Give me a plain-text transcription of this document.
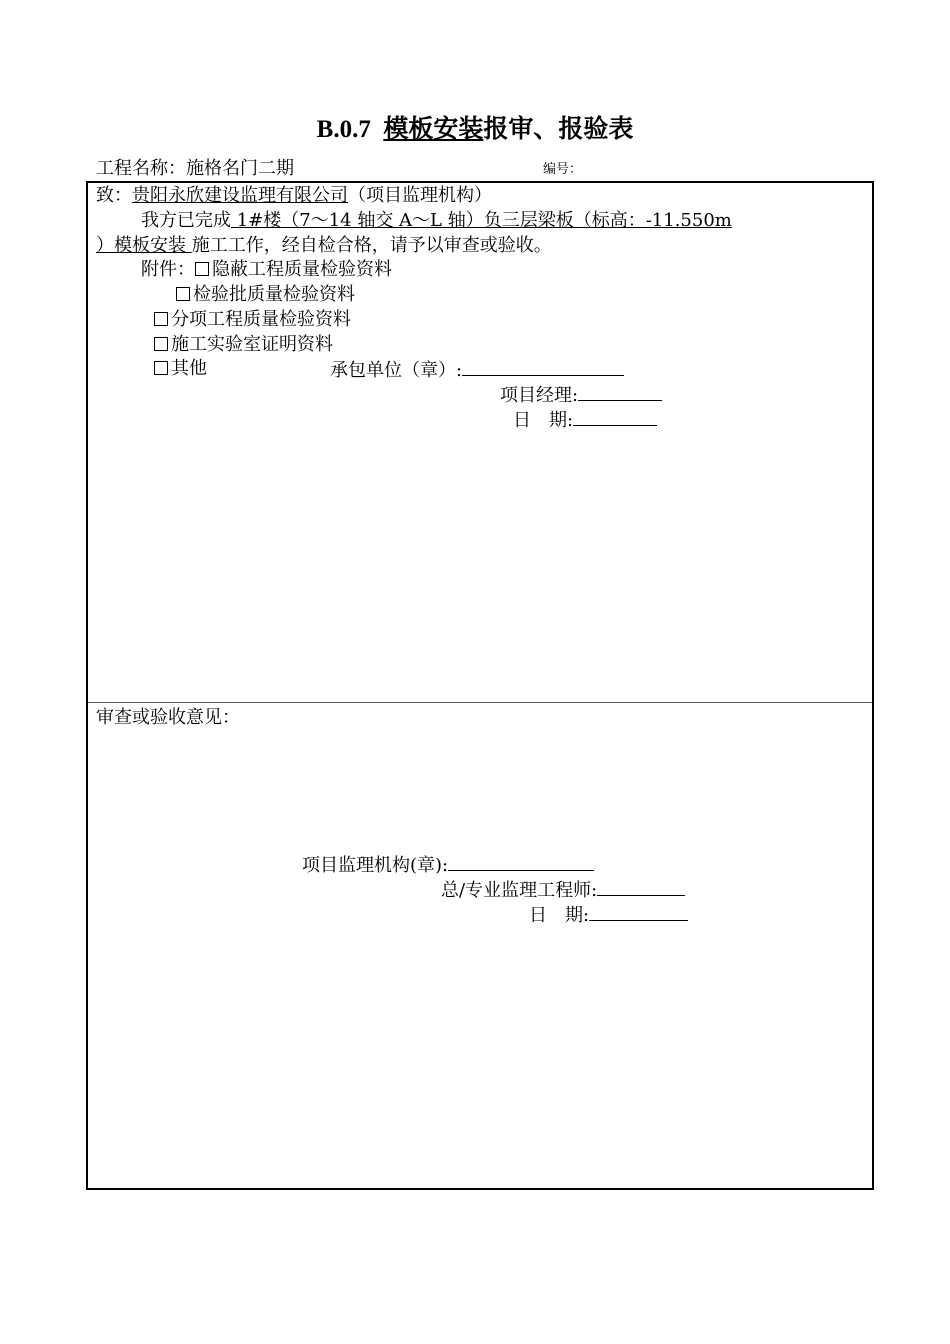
B.0.7 模板安装报审、报验表
工程名称：施格名门二期	编号：
致：贵阳永欣建设监理有限公司（项目监理机构）
我方已完成 1#楼（7～14 轴交 A～L 轴）负三层梁板（标高：-11.550m
）模板安装 施工工作，经自检合格，请予以审查或验收。
附件： 隐蔽工程质量检验资料
检验批质量检验资料
分项工程质量检验资料
施工实验室证明资料
其他	承包单位（章）:
项目经理:
日　期:
审查或验收意见：
项目监理机构(章):
总/专业监理工程师:
日　期:
